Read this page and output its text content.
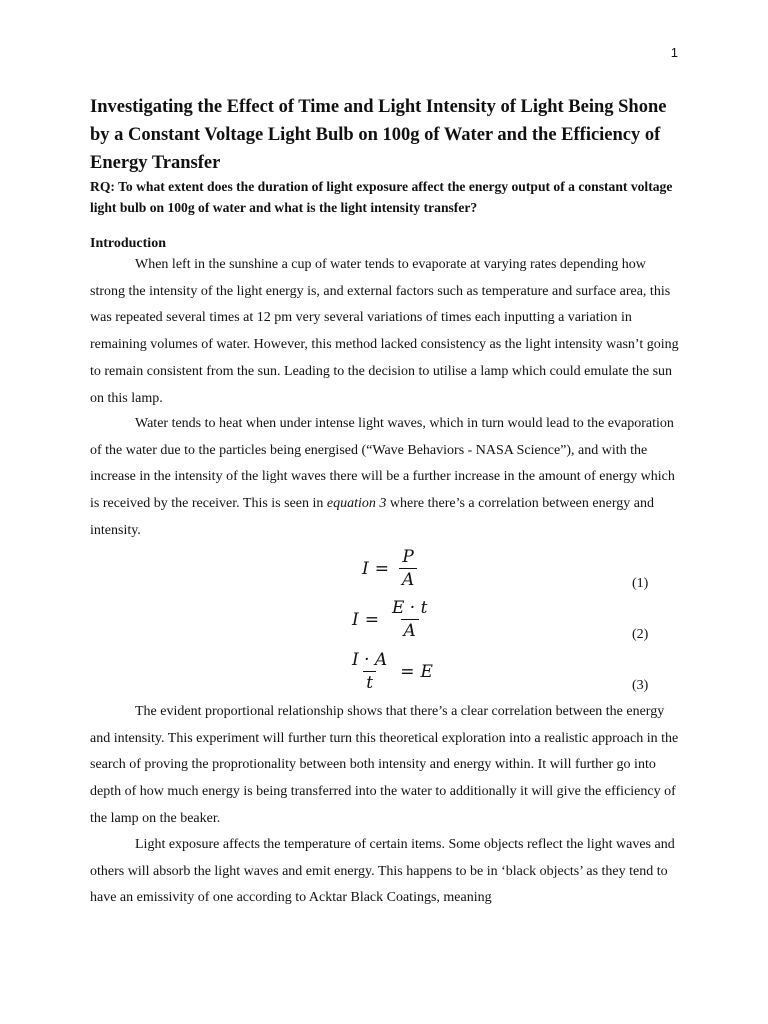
1
Investigating the Effect of Time and Light Intensity of Light Being Shone by a Constant Voltage Light Bulb on 100g of Water and the Efficiency of Energy Transfer

RQ: To what extent does the duration of light exposure affect the energy output of a constant voltage light bulb on 100g of water and what is the light intensity transfer?

Introduction

When left in the sunshine a cup of water tends to evaporate at varying rates depending how strong the intensity of the light energy is, and external factors such as temperature and surface area, this was repeated several times at 12 pm very several variations of times each inputting a variation in remaining volumes of water. However, this method lacked consistency as the light intensity wasn’t going to remain consistent from the sun. Leading to the decision to utilise a lamp which could emulate the sun on this lamp.

Water tends to heat when under intense light waves, which in turn would lead to the evaporation of the water due to the particles being energised (“Wave Behaviors - NASA Science”), and with the increase in the intensity of the light waves there will be a further increase in the amount of energy which is received by the receiver. This is seen in equation 3 where there’s a correlation between energy and intensity.

$I = \frac{P}{A}$	(1)
$I = \frac{E \cdot t}{A}$	(2)
$\frac{I \cdot A}{t} = E$
(3)

The evident proportional relationship shows that there’s a clear correlation between the energy and intensity. This experiment will further turn this theoretical exploration into a realistic approach in the search of proving the proprotionality between both intensity and energy within. It will further go into depth of how much energy is being transferred into the water to additionally it will give the efficiency of the lamp on the beaker.

Light exposure affects the temperature of certain items. Some objects reflect the light waves and others will absorb the light waves and emit energy. This happens to be in ‘black objects’ as they tend to have an emissivity of one according to Acktar Black Coatings, meaning
